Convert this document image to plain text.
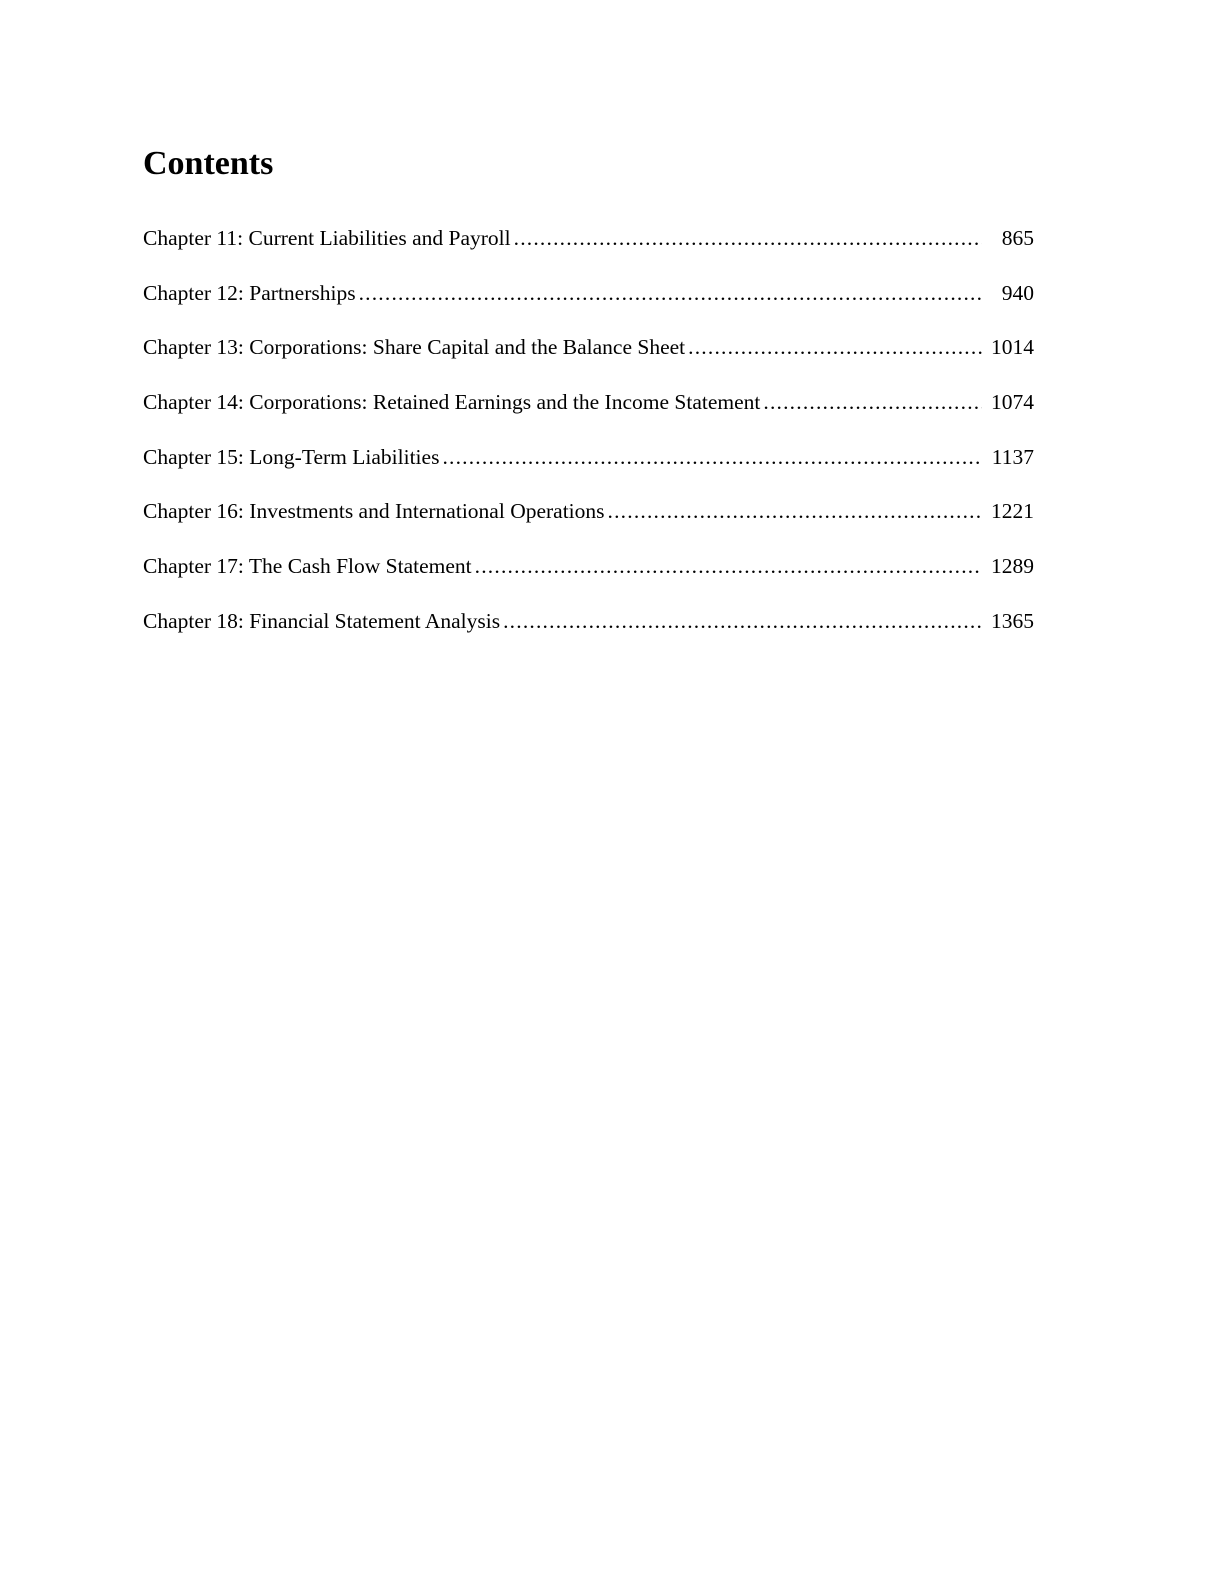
Contents
Chapter 11: Current Liabilities and Payroll .....	865
Chapter 12: Partnerships .....	940
Chapter 13: Corporations: Share Capital and the Balance Sheet .....	1014
Chapter 14: Corporations: Retained Earnings and the Income Statement .....	1074
Chapter 15: Long-Term Liabilities .....	1137
Chapter 16: Investments and International Operations .....	1221
Chapter 17: The Cash Flow Statement .....	1289
Chapter 18: Financial Statement Analysis .....	1365
